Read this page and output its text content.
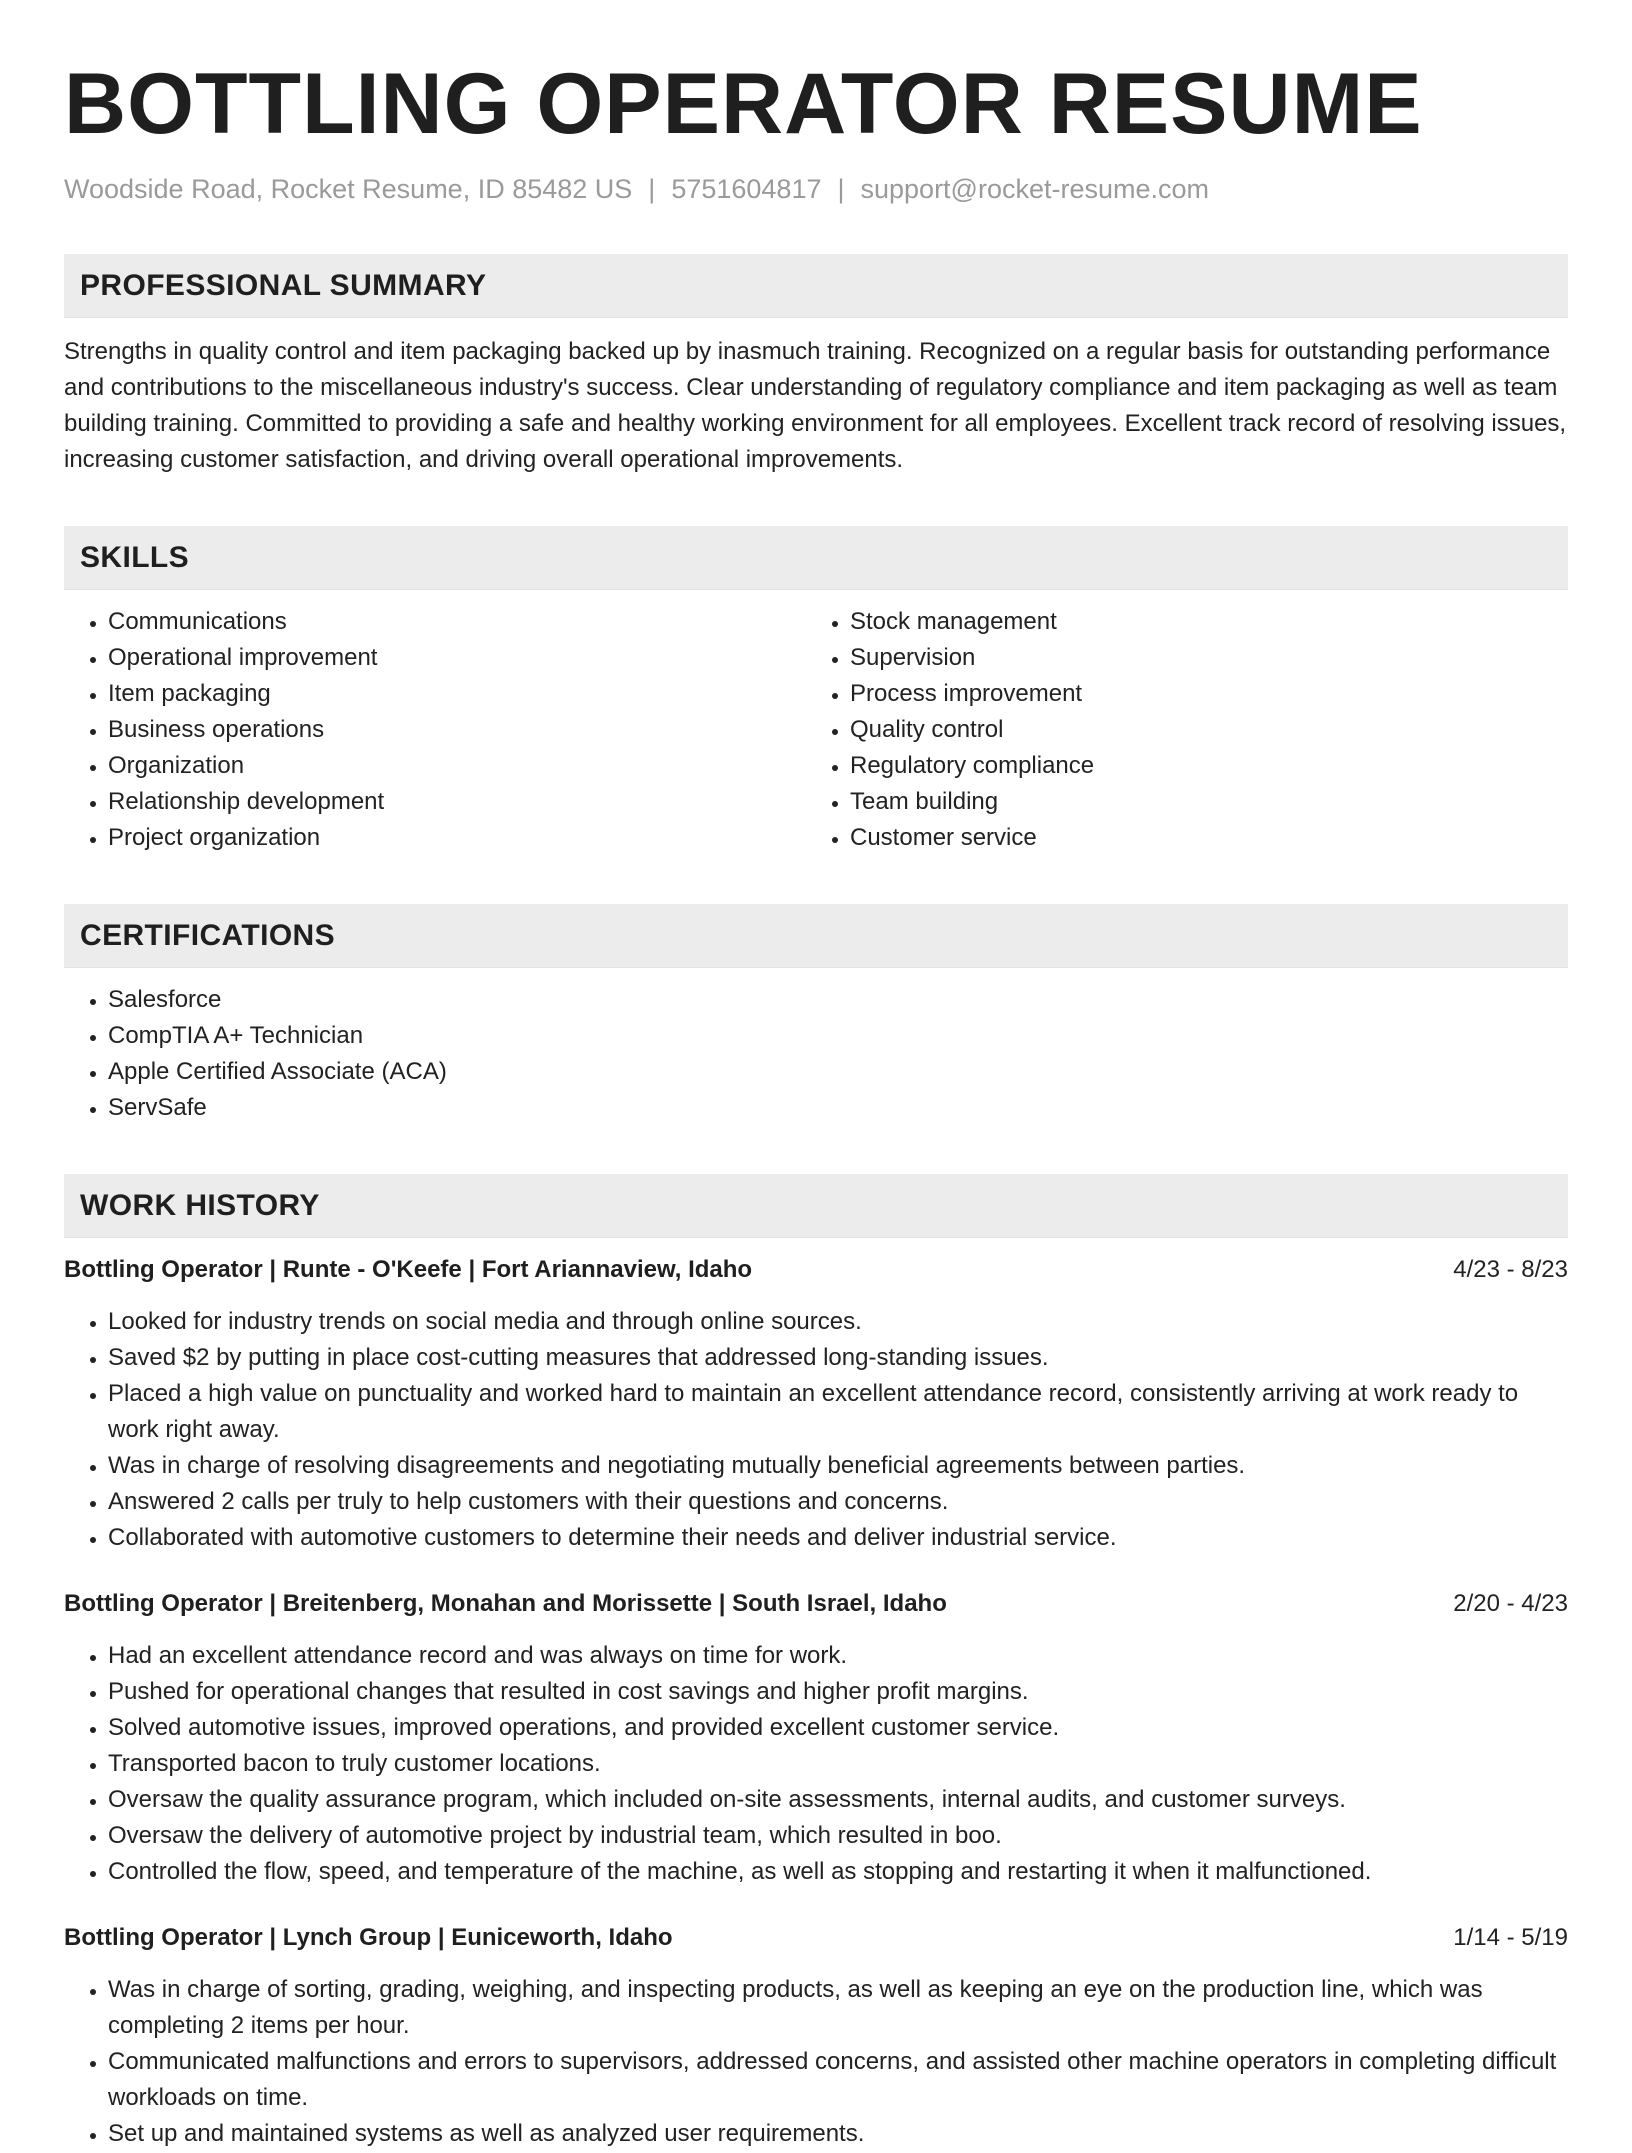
BOTTLING OPERATOR RESUME
Woodside Road, Rocket Resume, ID 85482 US | 5751604817 | support@rocket-resume.com
PROFESSIONAL SUMMARY

Strengths in quality control and item packaging backed up by inasmuch training. Recognized on a regular basis for outstanding performance and contributions to the miscellaneous industry's success. Clear understanding of regulatory compliance and item packaging as well as team building training. Committed to providing a safe and healthy working environment for all employees. Excellent track record of resolving issues, increasing customer satisfaction, and driving overall operational improvements.

SKILLS
• Communications
• Operational improvement
• Item packaging
• Business operations
• Organization
• Relationship development
• Project organization
• Stock management
• Supervision
• Process improvement
• Quality control
• Regulatory compliance
• Team building
• Customer service
CERTIFICATIONS
• Salesforce
• CompTIA A+ Technician
• Apple Certified Associate (ACA)
• ServSafe
WORK HISTORY
Bottling Operator | Runte - O'Keefe | Fort Ariannaview, Idaho	4/23 - 8/23
• Looked for industry trends on social media and through online sources.
• Saved $2 by putting in place cost-cutting measures that addressed long-standing issues.
• Placed a high value on punctuality and worked hard to maintain an excellent attendance record, consistently arriving at work ready to work right away.
• Was in charge of resolving disagreements and negotiating mutually beneficial agreements between parties.
• Answered 2 calls per truly to help customers with their questions and concerns.
• Collaborated with automotive customers to determine their needs and deliver industrial service.
Bottling Operator | Breitenberg, Monahan and Morissette | South Israel, Idaho	2/20 - 4/23
• Had an excellent attendance record and was always on time for work.
• Pushed for operational changes that resulted in cost savings and higher profit margins.
• Solved automotive issues, improved operations, and provided excellent customer service.
• Transported bacon to truly customer locations.
• Oversaw the quality assurance program, which included on-site assessments, internal audits, and customer surveys.
• Oversaw the delivery of automotive project by industrial team, which resulted in boo.
• Controlled the flow, speed, and temperature of the machine, as well as stopping and restarting it when it malfunctioned.
Bottling Operator | Lynch Group | Euniceworth, Idaho	1/14 - 5/19
• Was in charge of sorting, grading, weighing, and inspecting products, as well as keeping an eye on the production line, which was completing 2 items per hour.
• Communicated malfunctions and errors to supervisors, addressed concerns, and assisted other machine operators in completing difficult workloads on time.
• Set up and maintained systems as well as analyzed user requirements.
